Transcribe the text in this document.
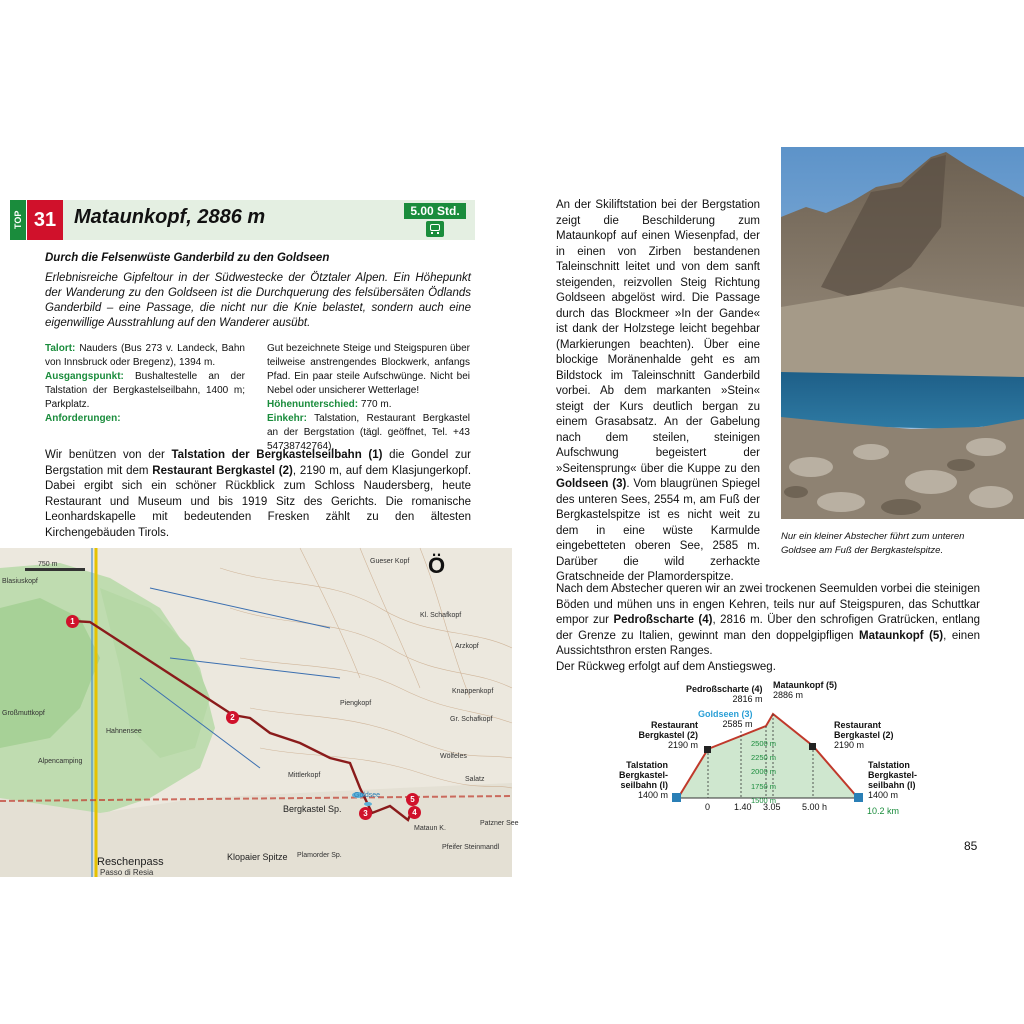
TOP 31 Mataunkopf, 2886 m	5.00 Std.
Durch die Felsenwüste Ganderbild zu den Goldseen
Erlebnisreiche Gipfeltour in der Südwestecke der Ötztaler Alpen. Ein Höhepunkt der Wanderung zu den Goldseen ist die Durchquerung des felsübersäten Ödlands Ganderbild – eine Passage, die nicht nur die Knie belastet, sondern auch eine eigenwillige Ausstrahlung auf den Wanderer ausübt.
Talort: Nauders (Bus 273 v. Landeck, Bahn von Innsbruck oder Bregenz), 1394 m.
Ausgangspunkt: Bushaltestelle an der Talstation der Bergkastelseilbahn, 1400 m; Parkplatz.
Anforderungen:
Gut bezeichnete Steige und Steigspuren über teilweise anstrengendes Blockwerk, anfangs Pfad. Ein paar steile Aufschwünge. Nicht bei Nebel oder unsicherer Wetterlage!
Höhenunterschied: 770 m.
Einkehr: Talstation, Restaurant Bergkastel an der Bergstation (tägl. geöffnet, Tel. +43 54738742764).
Wir benützen von der Talstation der Bergkastelseilbahn (1) die Gondel zur Bergstation mit dem Restaurant Bergkastel (2), 2190 m, auf dem Klasjungerkopf. Dabei ergibt sich ein schöner Rückblick zum Schloss Naudersberg, heute Restaurant und Museum und bis 1919 Sitz des Gerichts. Die romanische Leonhardskapelle mit bedeutenden Fresken zählt zu den ältesten Kirchengebäuden Tirols.
An der Skiliftstation bei der Bergstation zeigt die Beschilderung zum Mataunkopf auf einen Wiesenpfad, der in einen von Zirben bestandenen Taleinschnitt leitet und von dem sanft steigenden, reizvollen Steig Richtung Goldseen abgelöst wird. Die Passage durch das Blockmeer »In der Gande« ist dank der Holzstege leicht begehbar (Markierungen beachten). Über eine blockige Moränenhalde geht es am Bildstock im Taleinschnitt Ganderbild vorbei. Ab dem markanten »Stein« steigt der Kurs deutlich bergan zu einem Grasabsatz. An der Gabelung nach dem steilen, steinigen Aufschwung begeistert der »Seitensprung« über die Kuppe zu den Goldseen (3). Vom blaugrünen Spiegel des unteren Sees, 2554 m, am Fuß der Bergkastelspitze ist es nicht weit zu dem in eine wüste Karmulde eingebetteten oberen See, 2585 m. Darüber die wild zerhackte Gratschneide der Plamorderspitze.
Nach dem Abstecher queren wir an zwei trockenen Seemulden vorbei die steinigen Böden und mühen uns in engen Kehren, teils nur auf Steigspuren, das Schuttkar empor zur Pedroßscharte (4), 2816 m. Über den schrofigen Gratrücken, entlang der Grenze zu Italien, gewinnt man den doppelgipfligen Mataunkopf (5), einen Aussichtsthron ersten Ranges.
Der Rückweg erfolgt auf dem Anstiegsweg.
Nur ein kleiner Abstecher führt zum unteren Goldsee am Fuß der Bergkastelspitze.
750 m	Gueser Kopf
Kl. Schafkopf
Arzkopf
Piengkopf
Gr. Schafkopf
Knappenkopf
Wölfeles
Mittlerkopf
Bergkastel Sp.
Mataun K.
Reschenpass
Passo di Resia
Klopaier Spitze Plamorder Sp.
Großmuttkopf
Blasiuskopf
Goldsee
Patzner See
Pfeifer Steinmandl
Hahnensee
Salatz
Alpencamping
1
2
3	4
5
Ö
Pedroßscharte (4)
2816 m
Mataunkopf (5)
2886 m
Goldseen (3)
2585 m
Restaurant Bergkastel (2)
2190 m
Restaurant Bergkastel (2)
2190 m
Talstation Bergkastel-seilbahn (l)
1400 m
Talstation Bergkastel-seilbahn (l)
1400 m
2500 m
2250 m
2000 m
1750 m
1500 m
0	1.40 3.05 5.00 h	10.2 km
85
